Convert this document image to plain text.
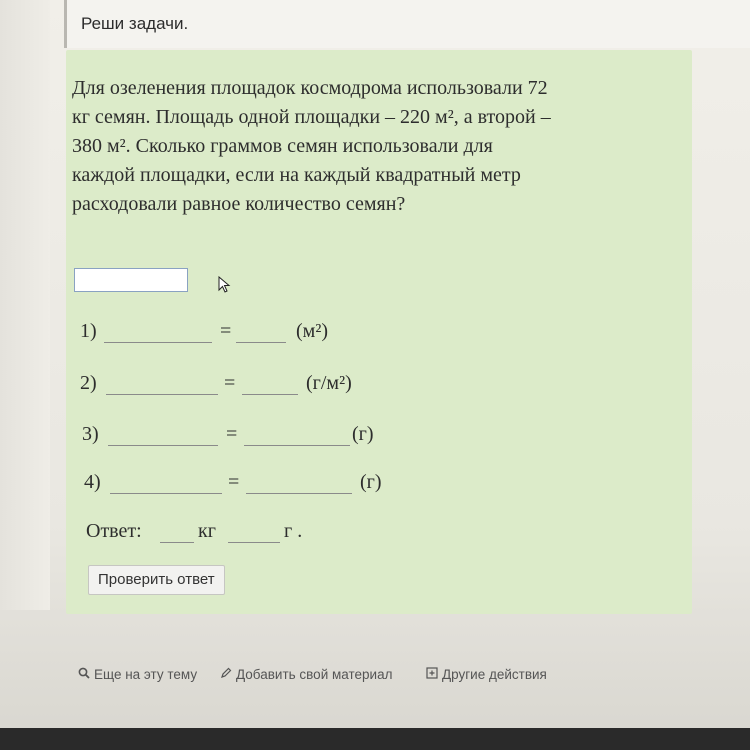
Реши задачи.
Для озеленения площадок космодрома использовали 72
кг семян. Площадь одной площадки – 220 м², а второй –
380 м². Сколько граммов семян использовали для
каждой площадки, если на каждый квадратный метр
расходовали равное количество семян?
1)	=	(м²)
2)	=	(г/м²)
3)	=	(г)
4)	=	(г)
Ответ:	кг	г .
Проверить ответ
Еще на эту тему	Добавить свой материал	Другие действия
